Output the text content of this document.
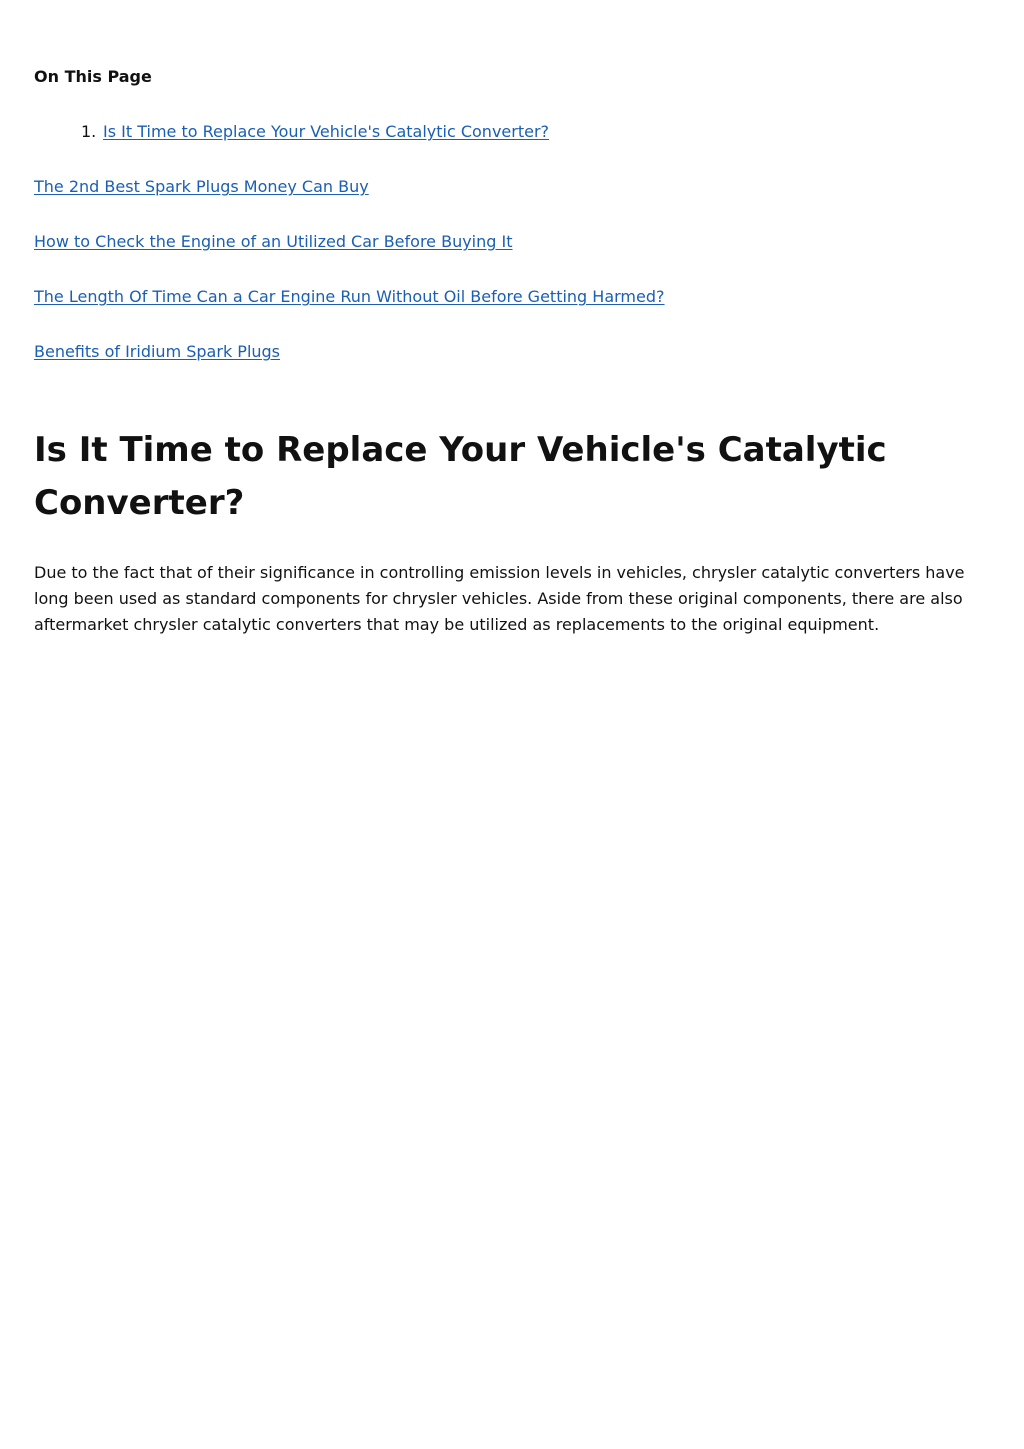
On This Page
1. Is It Time to Replace Your Vehicle's Catalytic Converter?
The 2nd Best Spark Plugs Money Can Buy
How to Check the Engine of an Utilized Car Before Buying It
The Length Of Time Can a Car Engine Run Without Oil Before Getting Harmed?
Benefits of Iridium Spark Plugs
Is It Time to Replace Your Vehicle's Catalytic Converter?

Due to the fact that of their significance in controlling emission levels in vehicles, chrysler catalytic converters have long been used as standard components for chrysler vehicles. Aside from these original components, there are also aftermarket chrysler catalytic converters that may be utilized as replacements to the original equipment.
